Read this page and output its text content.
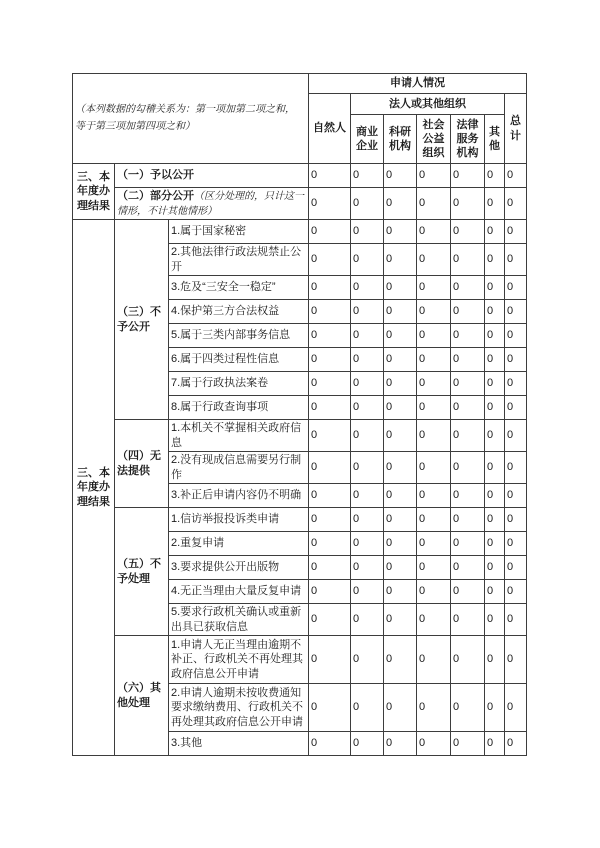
（本列数据的勾稽关系为：第一项加第二项之和，
等于第三项加第四项之和）			申请人情况						
			自然人	法人或其他组织					总计
				商业企业	科研机构	社会公益组织	法律服务机构	其他	
三、本年度办理结果	（一）予以公开		0	0	0	0	0	0	0
	（二）部分公开（区分处理的，只计这一情形，不计其他情形）		0	0	0	0	0	0	0
三、本年度办理结果	（三）不予公开	1.属于国家秘密	0	0	0	0	0	0	0
		2.其他法律行政法规禁止公开	0	0	0	0	0	0	0
		3.危及“三安全一稳定”	0	0	0	0	0	0	0
		4.保护第三方合法权益	0	0	0	0	0	0	0
		5.属于三类内部事务信息	0	0	0	0	0	0	0
		6.属于四类过程性信息	0	0	0	0	0	0	0
		7.属于行政执法案卷	0	0	0	0	0	0	0
		8.属于行政查询事项	0	0	0	0	0	0	0
	（四）无法提供	1.本机关不掌握相关政府信息	0	0	0	0	0	0	0
		2.没有现成信息需要另行制作	0	0	0	0	0	0	0
		3.补正后申请内容仍不明确	0	0	0	0	0	0	0
	（五）不予处理	1.信访举报投诉类申请	0	0	0	0	0	0	0
		2.重复申请	0	0	0	0	0	0	0
		3.要求提供公开出版物	0	0	0	0	0	0	0
		4.无正当理由大量反复申请	0	0	0	0	0	0	0
		5.要求行政机关确认或重新出具已获取信息	0	0	0	0	0	0	0
	（六）其他处理	1.申请人无正当理由逾期不补正、行政机关不再处理其政府信息公开申请	0	0	0	0	0	0	0
		2.申请人逾期未按收费通知要求缴纳费用、行政机关不再处理其政府信息公开申请	0	0	0	0	0	0	0
		3.其他	0	0	0	0	0	0	0
